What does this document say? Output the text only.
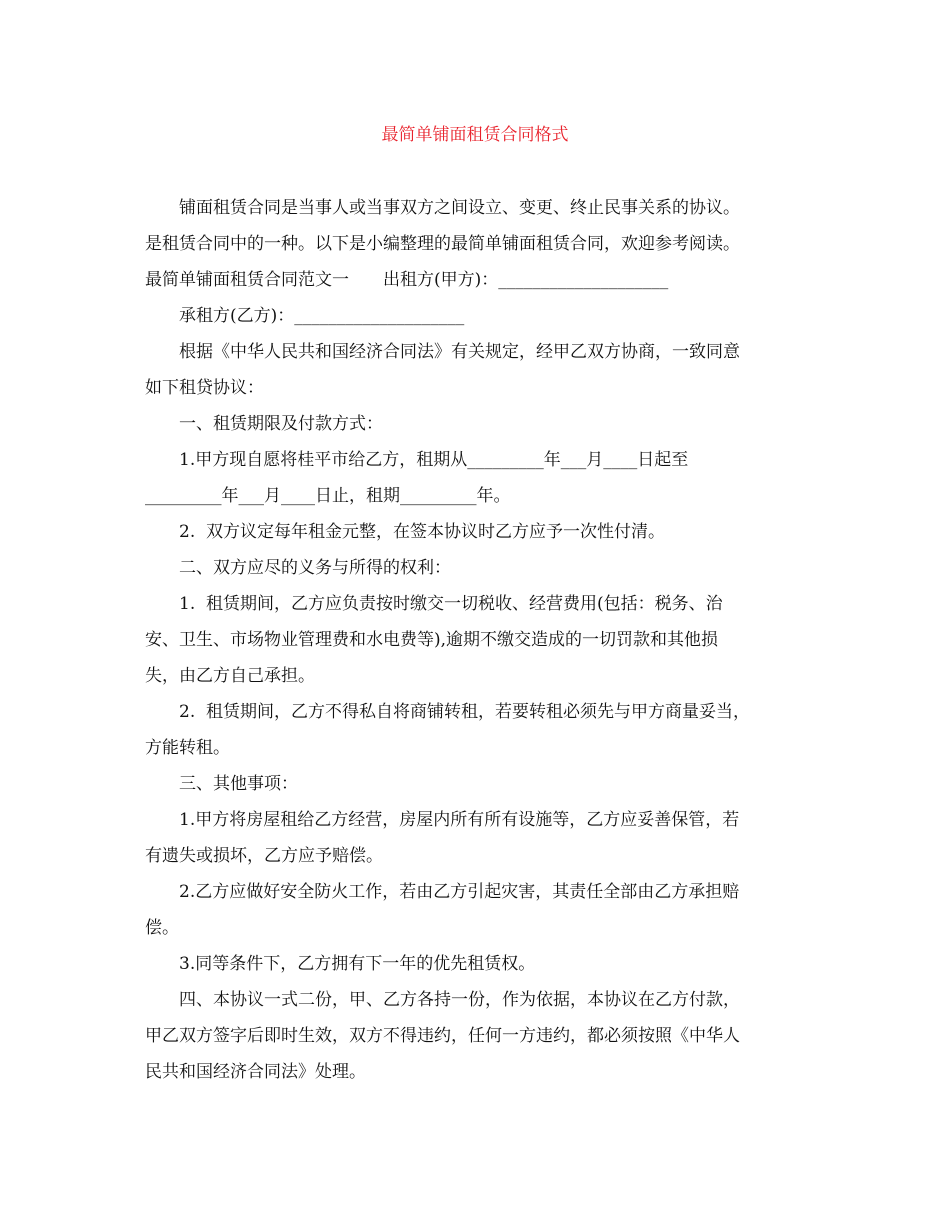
最简单铺面租赁合同格式
铺面租赁合同是当事人或当事双方之间设立、变更、终止民事关系的协议。
是租赁合同中的一种。以下是小编整理的最简单铺面租赁合同，欢迎参考阅读。
最简单铺面租赁合同范文一　　出租方(甲方)：____________________
承租方(乙方)：____________________
根据《中华人民共和国经济合同法》有关规定，经甲乙双方协商，一致同意
如下租贷协议：
一、租赁期限及付款方式：
1.甲方现自愿将桂平市给乙方，租期从_________年___月____日起至
_________年___月____日止，租期_________年。
2.  双方议定每年租金元整，在签本协议时乙方应予一次性付清。
二、双方应尽的义务与所得的权利：
1.  租赁期间，乙方应负责按时缴交一切税收、经营费用(包括：税务、治
安、卫生、市场物业管理费和水电费等),逾期不缴交造成的一切罚款和其他损
失，由乙方自己承担。
2.  租赁期间，乙方不得私自将商铺转租，若要转租必须先与甲方商量妥当，
方能转租。
三、其他事项：
1.甲方将房屋租给乙方经营，房屋内所有所有设施等，乙方应妥善保管，若
有遗失或损坏，乙方应予赔偿。
2.乙方应做好安全防火工作，若由乙方引起灾害，其责任全部由乙方承担赔
偿。
3.同等条件下，乙方拥有下一年的优先租赁权。
四、本协议一式二份，甲、乙方各持一份，作为依据，本协议在乙方付款，
甲乙双方签字后即时生效，双方不得违约，任何一方违约，都必须按照《中华人
民共和国经济合同法》处理。
